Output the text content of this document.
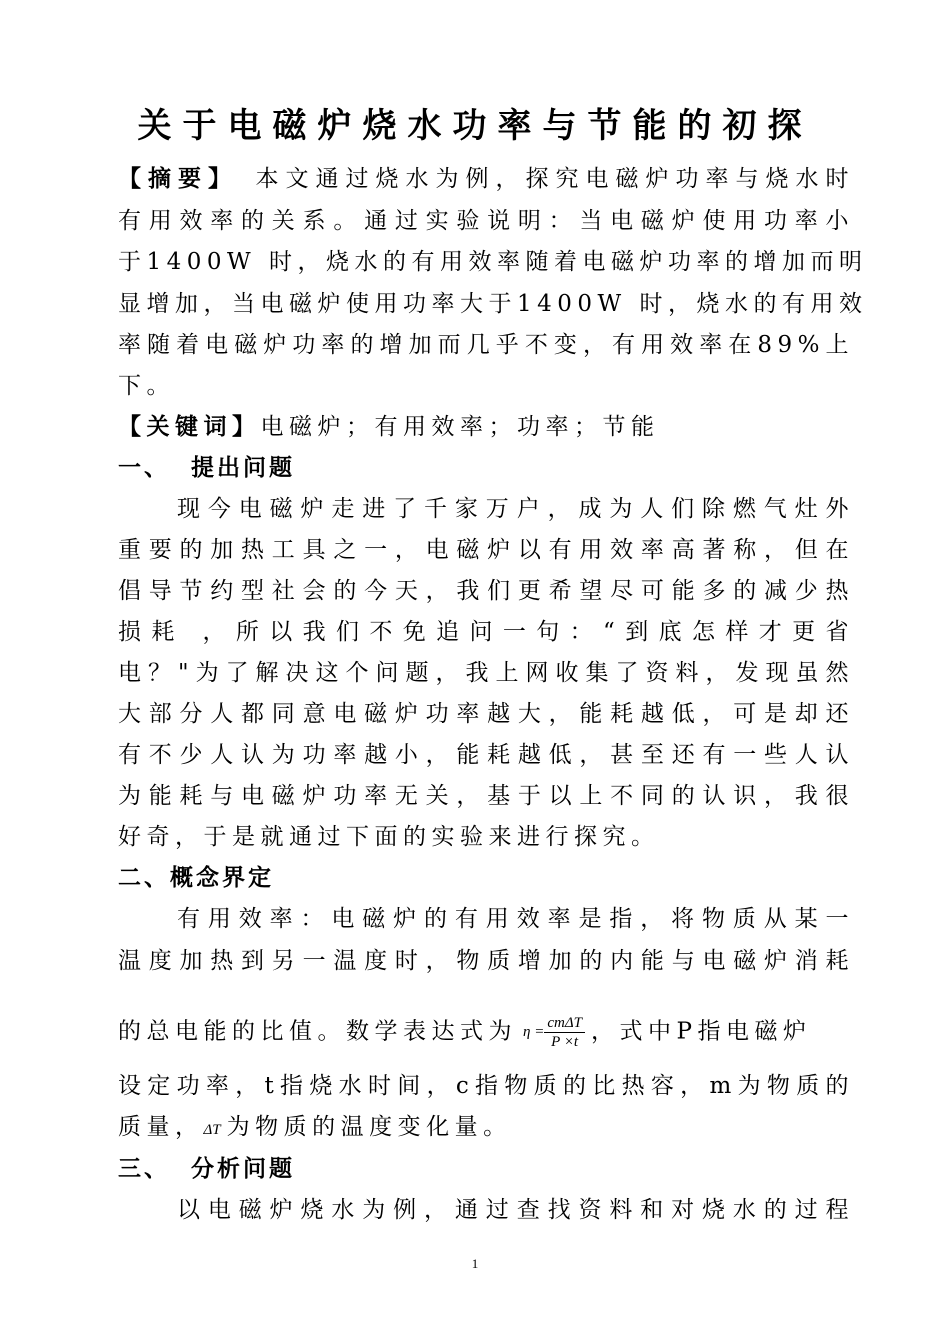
关于电磁炉烧水功率与节能的初探
【摘要】 本文通过烧水为例，探究电磁炉功率与烧水时
有用效率的关系。通过实验说明：当电磁炉使用功率小
于1400W 时，烧水的有用效率随着电磁炉功率的增加而明
显增加，当电磁炉使用功率大于1400W 时，烧水的有用效
率随着电磁炉功率的增加而几乎不变，有用效率在89%上
下。
【关键词】电磁炉；有用效率；功率；节能
一、 提出问题
现今电磁炉走进了千家万户，成为人们除燃气灶外
重要的加热工具之一，电磁炉以有用效率高著称，但在
倡导节约型社会的今天，我们更希望尽可能多的减少热
损耗 ，所以我们不免追问一句：“到底怎样才更省
电？"为了解决这个问题，我上网收集了资料，发现虽然
大部分人都同意电磁炉功率越大，能耗越低，可是却还
有不少人认为功率越小，能耗越低，甚至还有一些人认
为能耗与电磁炉功率无关，基于以上不同的认识，我很
好奇，于是就通过下面的实验来进行探究。
二、概念界定
有用效率：电磁炉的有用效率是指，将物质从某一
温度加热到另一温度时，物质增加的内能与电磁炉消耗
的总电能的比值。数学表达式为 $\eta = \frac{\text{cmΔT}}{P \times t}$ ，式中P指电磁炉
设定功率，t指烧水时间，c指物质的比热容，m为物质的
质量，ΔT 为物质的温度变化量。
三、 分析问题
以电磁炉烧水为例，通过查找资料和对烧水的过程
1
